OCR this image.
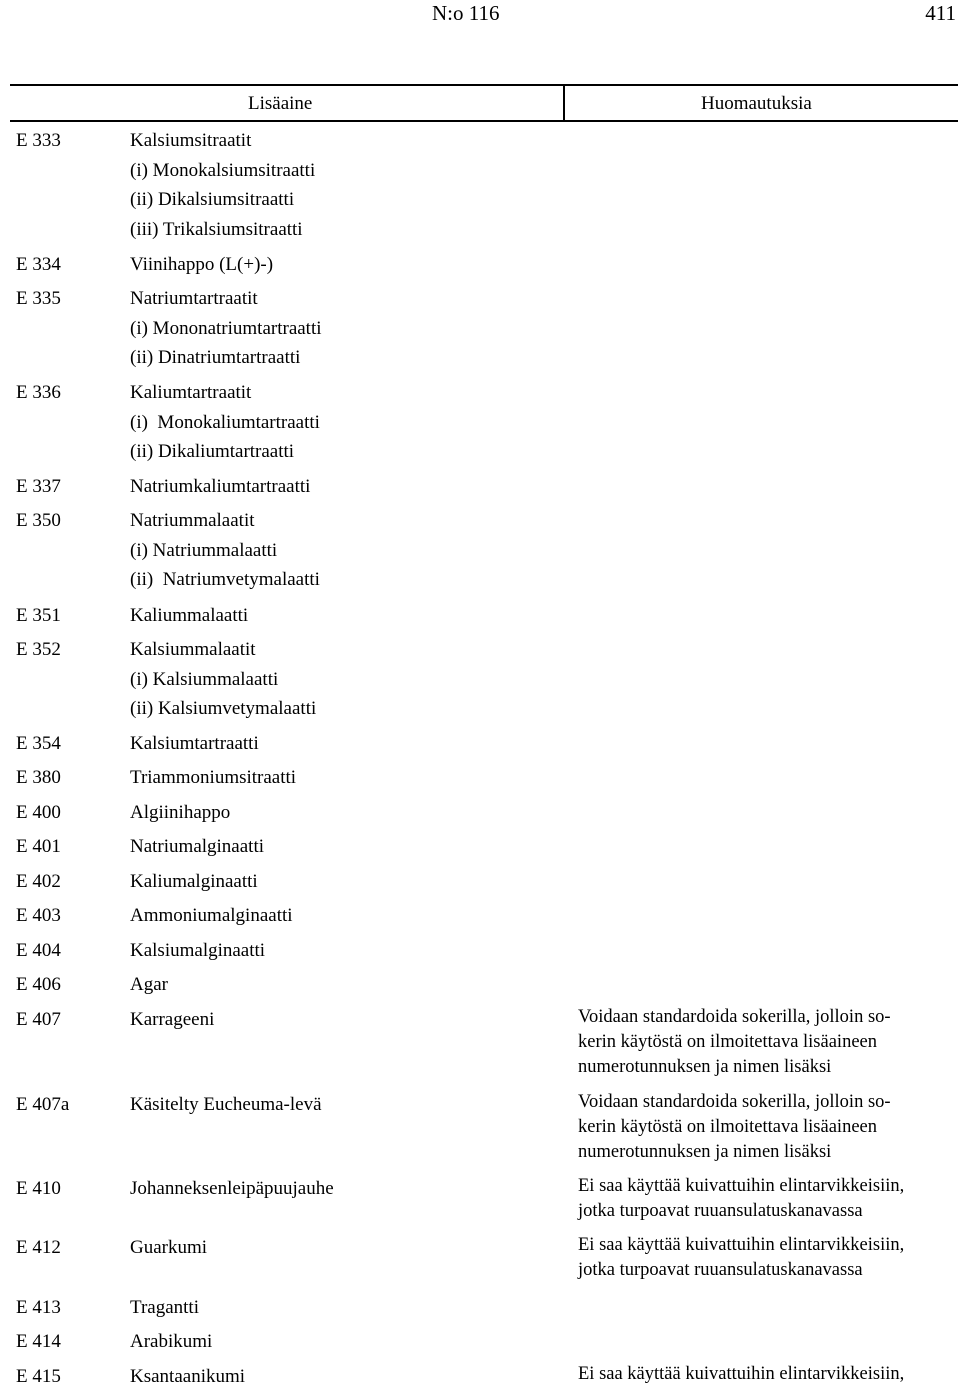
N:o 116	411
Lisäaine	Huomautuksia
E 333	Kalsiumsitraatit
(i) Monokalsiumsitraatti
(ii) Dikalsiumsitraatti
(iii) Trikalsiumsitraatti
E 334	Viinihappo (L(+)-)
E 335	Natriumtartraatit
(i) Mononatriumtartraatti
(ii) Dinatriumtartraatti
E 336	Kaliumtartraatit
(i)  Monokaliumtartraatti
(ii) Dikaliumtartraatti
E 337	Natriumkaliumtartraatti
E 350	Natriummalaatit
(i) Natriummalaatti
(ii)  Natriumvetymalaatti
E 351	Kaliummalaatti
E 352	Kalsiummalaatit
(i) Kalsiummalaatti
(ii) Kalsiumvetymalaatti
E 354	Kalsiumtartraatti
E 380	Triammoniumsitraatti
E 400	Algiinihappo
E 401	Natriumalginaatti
E 402	Kaliumalginaatti
E 403	Ammoniumalginaatti
E 404	Kalsiumalginaatti
E 406	Agar
E 407	Karrageeni	Voidaan standardoida sokerilla, jolloin so-
kerin käytöstä on ilmoitettava lisäaineen
numerotunnuksen ja nimen lisäksi
E 407a	Käsitelty Eucheuma-levä	Voidaan standardoida sokerilla, jolloin so-
kerin käytöstä on ilmoitettava lisäaineen
numerotunnuksen ja nimen lisäksi
E 410	Johanneksenleipäpuujauhe	Ei saa käyttää kuivattuihin elintarvikkeisiin,
jotka turpoavat ruuansulatuskanavassa
E 412	Guarkumi	Ei saa käyttää kuivattuihin elintarvikkeisiin,
jotka turpoavat ruuansulatuskanavassa
E 413	Tragantti
E 414	Arabikumi
E 415	Ksantaanikumi	Ei saa käyttää kuivattuihin elintarvikkeisiin,
